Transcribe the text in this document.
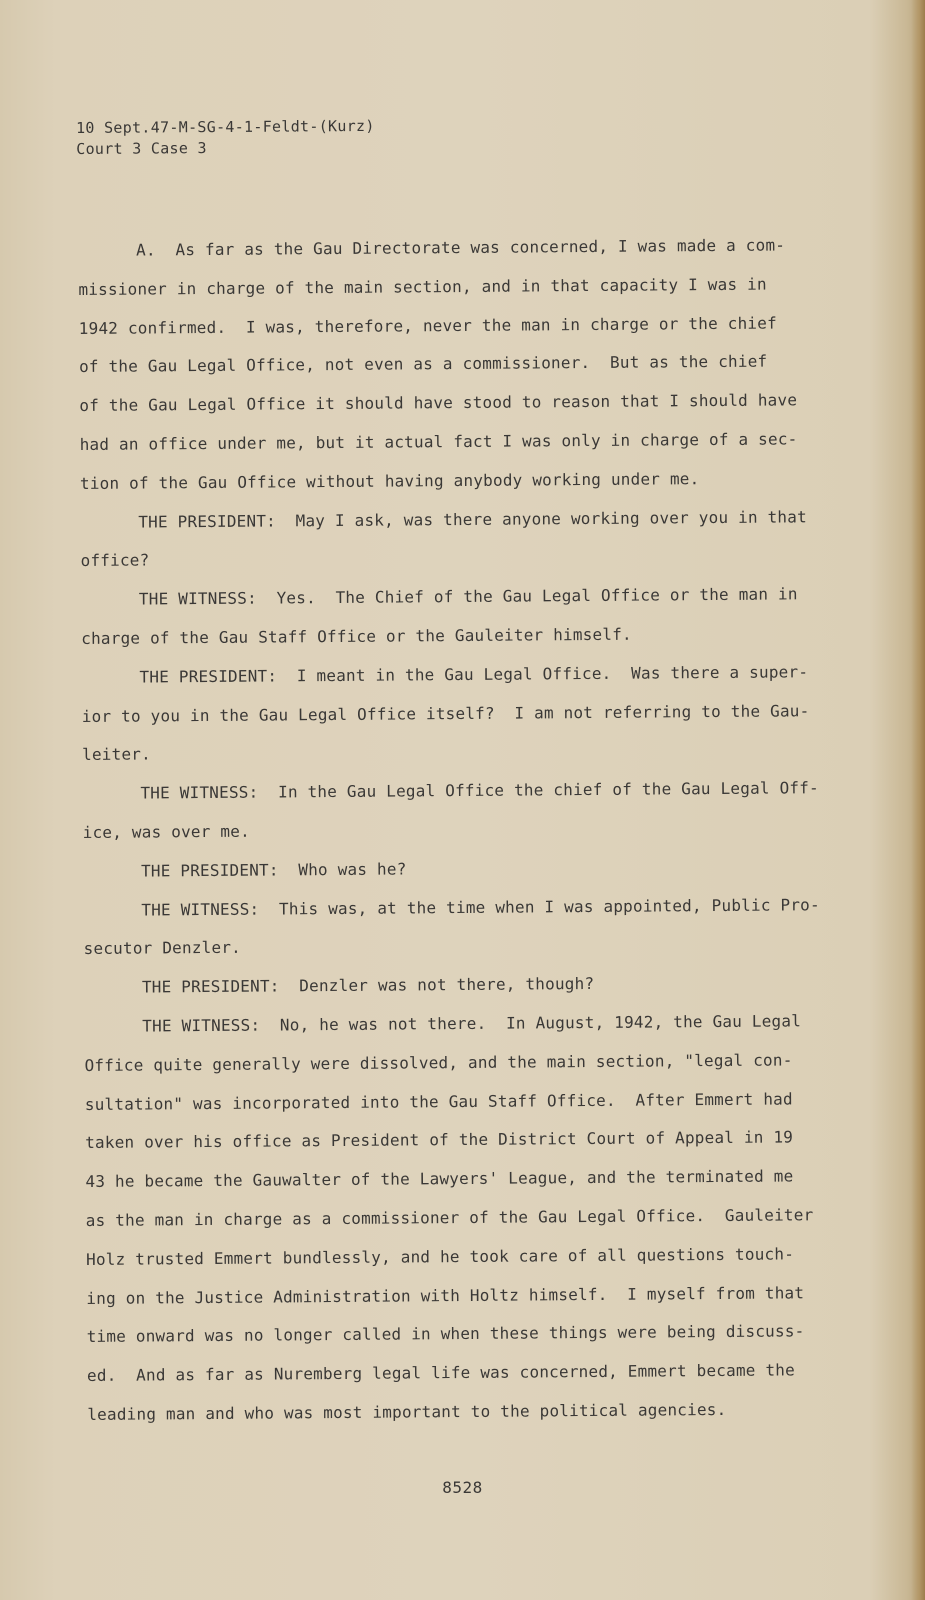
10 Sept.47-M-SG-4-1-Feldt-(Kurz)
Court 3 Case 3
A.  As far as the Gau Directorate was concerned, I was made a com-
missioner in charge of the main section, and in that capacity I was in
1942 confirmed.  I was, therefore, never the man in charge or the chief
of the Gau Legal Office, not even as a commissioner.  But as the chief
of the Gau Legal Office it should have stood to reason that I should have
had an office under me, but it actual fact I was only in charge of a sec-
tion of the Gau Office without having anybody working under me.
THE PRESIDENT:  May I ask, was there anyone working over you in that
office?
THE WITNESS:  Yes.  The Chief of the Gau Legal Office or the man in
charge of the Gau Staff Office or the Gauleiter himself.
THE PRESIDENT:  I meant in the Gau Legal Office.  Was there a super-
ior to you in the Gau Legal Office itself?  I am not referring to the Gau-
leiter.
THE WITNESS:  In the Gau Legal Office the chief of the Gau Legal Off-
ice, was over me.
THE PRESIDENT:  Who was he?
THE WITNESS:  This was, at the time when I was appointed, Public Pro-
secutor Denzler.
THE PRESIDENT:  Denzler was not there, though?
THE WITNESS:  No, he was not there.  In August, 1942, the Gau Legal
Office quite generally were dissolved, and the main section, "legal con-
sultation" was incorporated into the Gau Staff Office.  After Emmert had
taken over his office as President of the District Court of Appeal in 19
43 he became the Gauwalter of the Lawyers' League, and the terminated me
as the man in charge as a commissioner of the Gau Legal Office.  Gauleiter
Holz trusted Emmert bundlessly, and he took care of all questions touch-
ing on the Justice Administration with Holtz himself.  I myself from that
time onward was no longer called in when these things were being discuss-
ed.  And as far as Nuremberg legal life was concerned, Emmert became the
leading man and who was most important to the political agencies.
8528
